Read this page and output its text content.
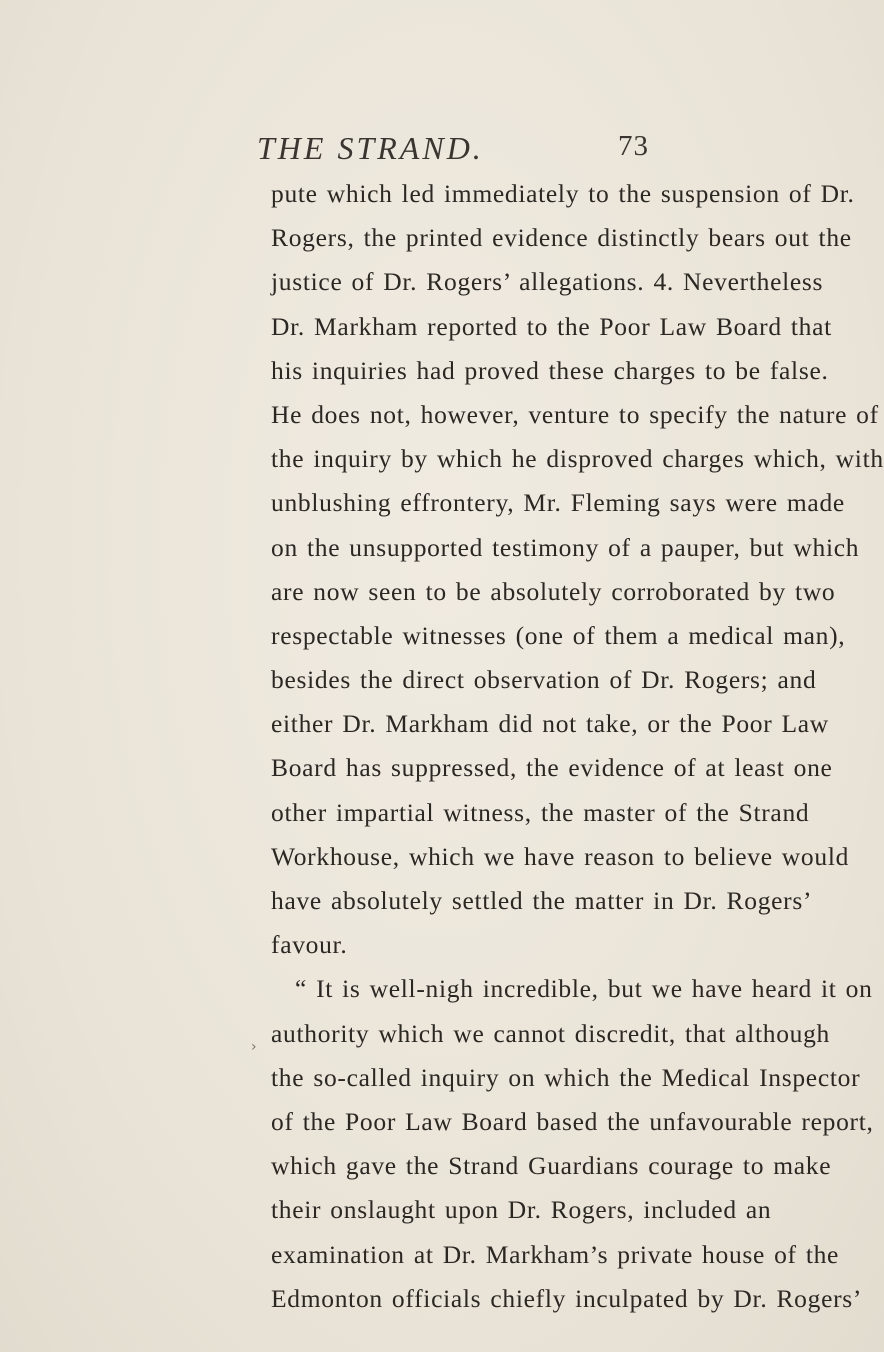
THE STRAND.	73
›
pute which led immediately to the suspension of Dr.
Rogers, the printed evidence distinctly bears out the
justice of Dr. Rogers’ allegations. 4. Nevertheless
Dr. Markham reported to the Poor Law Board that
his inquiries had proved these charges to be false.
He does not, however, venture to specify the nature of
the inquiry by which he disproved charges which, with
unblushing effrontery, Mr. Fleming says were made
on the unsupported testimony of a pauper, but which
are now seen to be absolutely corroborated by two
respectable witnesses (one of them a medical man),
besides the direct observation of Dr. Rogers; and
either Dr. Markham did not take, or the Poor Law
Board has suppressed, the evidence of at least one
other impartial witness, the master of the Strand
Workhouse, which we have reason to believe would
have absolutely settled the matter in Dr. Rogers’
favour.
“ It is well-nigh incredible, but we have heard it on
authority which we cannot discredit, that although
the so-called inquiry on which the Medical Inspector
of the Poor Law Board based the unfavourable report,
which gave the Strand Guardians courage to make
their onslaught upon Dr. Rogers, included an
examination at Dr. Markham’s private house of the
Edmonton officials chiefly inculpated by Dr. Rogers’
